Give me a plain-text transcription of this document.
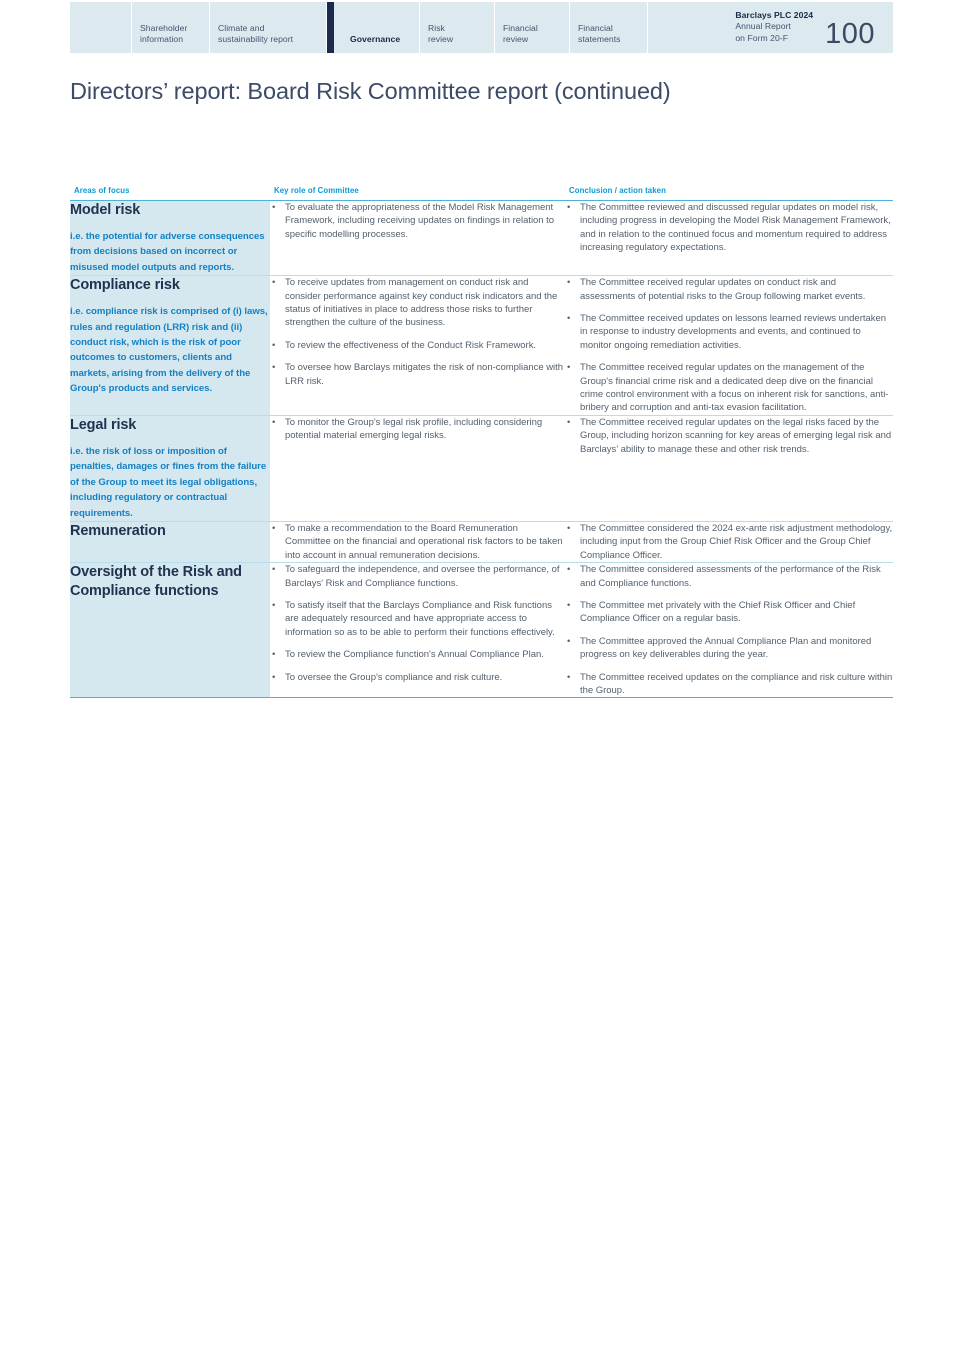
Shareholder
information
Climate and
sustainability report	Governance
Risk
review
Financial
review
Financial
statements
Barclays PLC 2024
Annual Report
on Form 20-F	100
Directors’ report: Board Risk Committee report (continued)
Areas of focus	Key role of Committee	Conclusion / action taken

Model risk

i.e. the potential for adverse consequences from decisions based on incorrect or misused model outputs and reports.

• To evaluate the appropriateness of the Model Risk Management Framework, including receiving updates on findings in relation to specific modelling processes.

• The Committee reviewed and discussed regular updates on model risk, including progress in developing the Model Risk Management Framework, and in relation to the continued focus and momentum required to address increasing regulatory expectations.

Compliance risk

i.e. compliance risk is comprised of (i) laws, rules and regulation (LRR) risk and (ii) conduct risk, which is the risk of poor outcomes to customers, clients and markets, arising from the delivery of the Group's products and services.

• To receive updates from management on conduct risk and consider performance against key conduct risk indicators and the status of initiatives in place to address those risks to further strengthen the culture of the business.
• To review the effectiveness of the Conduct Risk Framework.
• To oversee how Barclays mitigates the risk of non-compliance with LRR risk.

• The Committee received regular updates on conduct risk and assessments of potential risks to the Group following market events.
• The Committee received updates on lessons learned reviews undertaken in response to industry developments and events, and continued to monitor ongoing remediation activities.
• The Committee received regular updates on the management of the Group's financial crime risk and a dedicated deep dive on the financial crime control environment with a focus on inherent risk for sanctions, anti-bribery and corruption and anti-tax evasion facilitation.

Legal risk

i.e. the risk of loss or imposition of penalties, damages or fines from the failure of the Group to meet its legal obligations, including regulatory or contractual requirements.

• To monitor the Group's legal risk profile, including considering potential material emerging legal risks.

• The Committee received regular updates on the legal risks faced by the Group, including horizon scanning for key areas of emerging legal risk and Barclays’ ability to manage these and other risk trends.

Remuneration	• To make a recommendation to the Board Remuneration Committee on the financial and operational risk factors to be taken into account in annual remuneration decisions.

• The Committee considered the 2024 ex-ante risk adjustment methodology, including input from the Group Chief Risk Officer and the Group Chief Compliance Officer.

Oversight of the Risk and Compliance functions

• To safeguard the independence, and oversee the performance, of Barclays' Risk and Compliance functions.
• To satisfy itself that the Barclays Compliance and Risk functions are adequately resourced and have appropriate access to information so as to be able to perform their functions effectively.
• To review the Compliance function's Annual Compliance Plan.
• To oversee the Group's compliance and risk culture.

• The Committee considered assessments of the performance of the Risk and Compliance functions.
• The Committee met privately with the Chief Risk Officer and Chief Compliance Officer on a regular basis.
• The Committee approved the Annual Compliance Plan and monitored progress on key deliverables during the year.
• The Committee received updates on the compliance and risk culture within the Group.
